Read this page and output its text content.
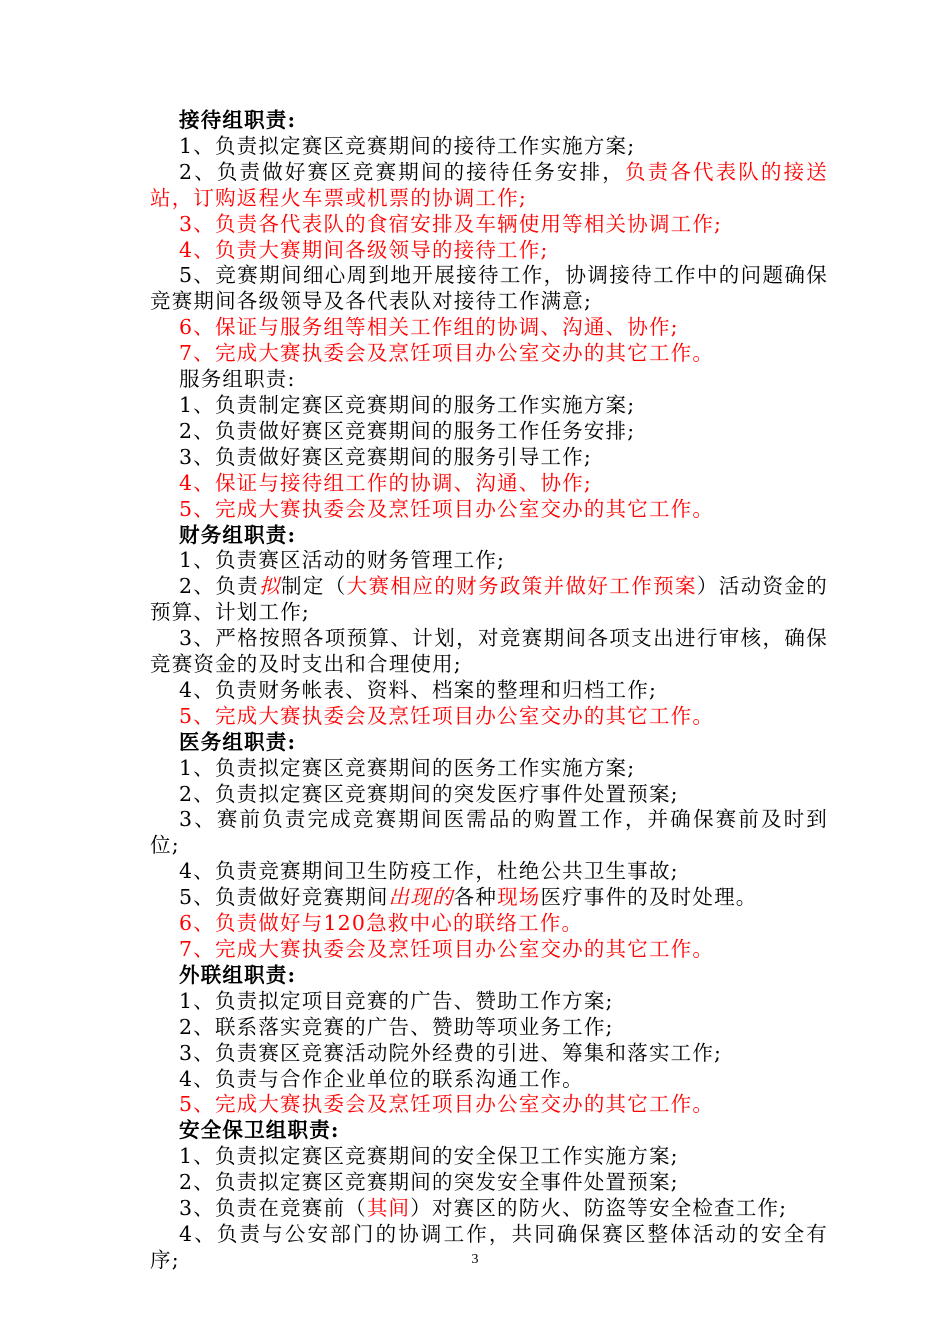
接待组职责:
1、负责拟定赛区竞赛期间的接待工作实施方案;
2、负责做好赛区竞赛期间的接待任务安排，负责各代表队的接送站，订购返程火车票或机票的协调工作;
3、负责各代表队的食宿安排及车辆使用等相关协调工作;
4、负责大赛期间各级领导的接待工作;
5、竞赛期间细心周到地开展接待工作，协调接待工作中的问题确保竞赛期间各级领导及各代表队对接待工作满意;
6、保证与服务组等相关工作组的协调、沟通、协作;
7、完成大赛执委会及烹饪项目办公室交办的其它工作。
服务组职责:
1、负责制定赛区竞赛期间的服务工作实施方案;
2、负责做好赛区竞赛期间的服务工作任务安排;
3、负责做好赛区竞赛期间的服务引导工作;
4、保证与接待组工作的协调、沟通、协作;
5、完成大赛执委会及烹饪项目办公室交办的其它工作。
财务组职责:
1、负责赛区活动的财务管理工作;
2、负责拟制定（大赛相应的财务政策并做好工作预案）活动资金的预算、计划工作;
3、严格按照各项预算、计划，对竞赛期间各项支出进行审核，确保竞赛资金的及时支出和合理使用;
4、负责财务帐表、资料、档案的整理和归档工作;
5、完成大赛执委会及烹饪项目办公室交办的其它工作。
医务组职责:
1、负责拟定赛区竞赛期间的医务工作实施方案;
2、负责拟定赛区竞赛期间的突发医疗事件处置预案;
3、赛前负责完成竞赛期间医需品的购置工作，并确保赛前及时到位;
4、负责竞赛期间卫生防疫工作，杜绝公共卫生事故;
5、负责做好竞赛期间出现的各种现场医疗事件的及时处理。
6、负责做好与120急救中心的联络工作。
7、完成大赛执委会及烹饪项目办公室交办的其它工作。
外联组职责:
1、负责拟定项目竞赛的广告、赞助工作方案;
2、联系落实竞赛的广告、赞助等项业务工作;
3、负责赛区竞赛活动院外经费的引进、筹集和落实工作;
4、负责与合作企业单位的联系沟通工作。
5、完成大赛执委会及烹饪项目办公室交办的其它工作。
安全保卫组职责:
1、负责拟定赛区竞赛期间的安全保卫工作实施方案;
2、负责拟定赛区竞赛期间的突发安全事件处置预案;
3、负责在竞赛前（其间）对赛区的防火、防盗等安全检查工作;
4、负责与公安部门的协调工作，共同确保赛区整体活动的安全有序;	3
